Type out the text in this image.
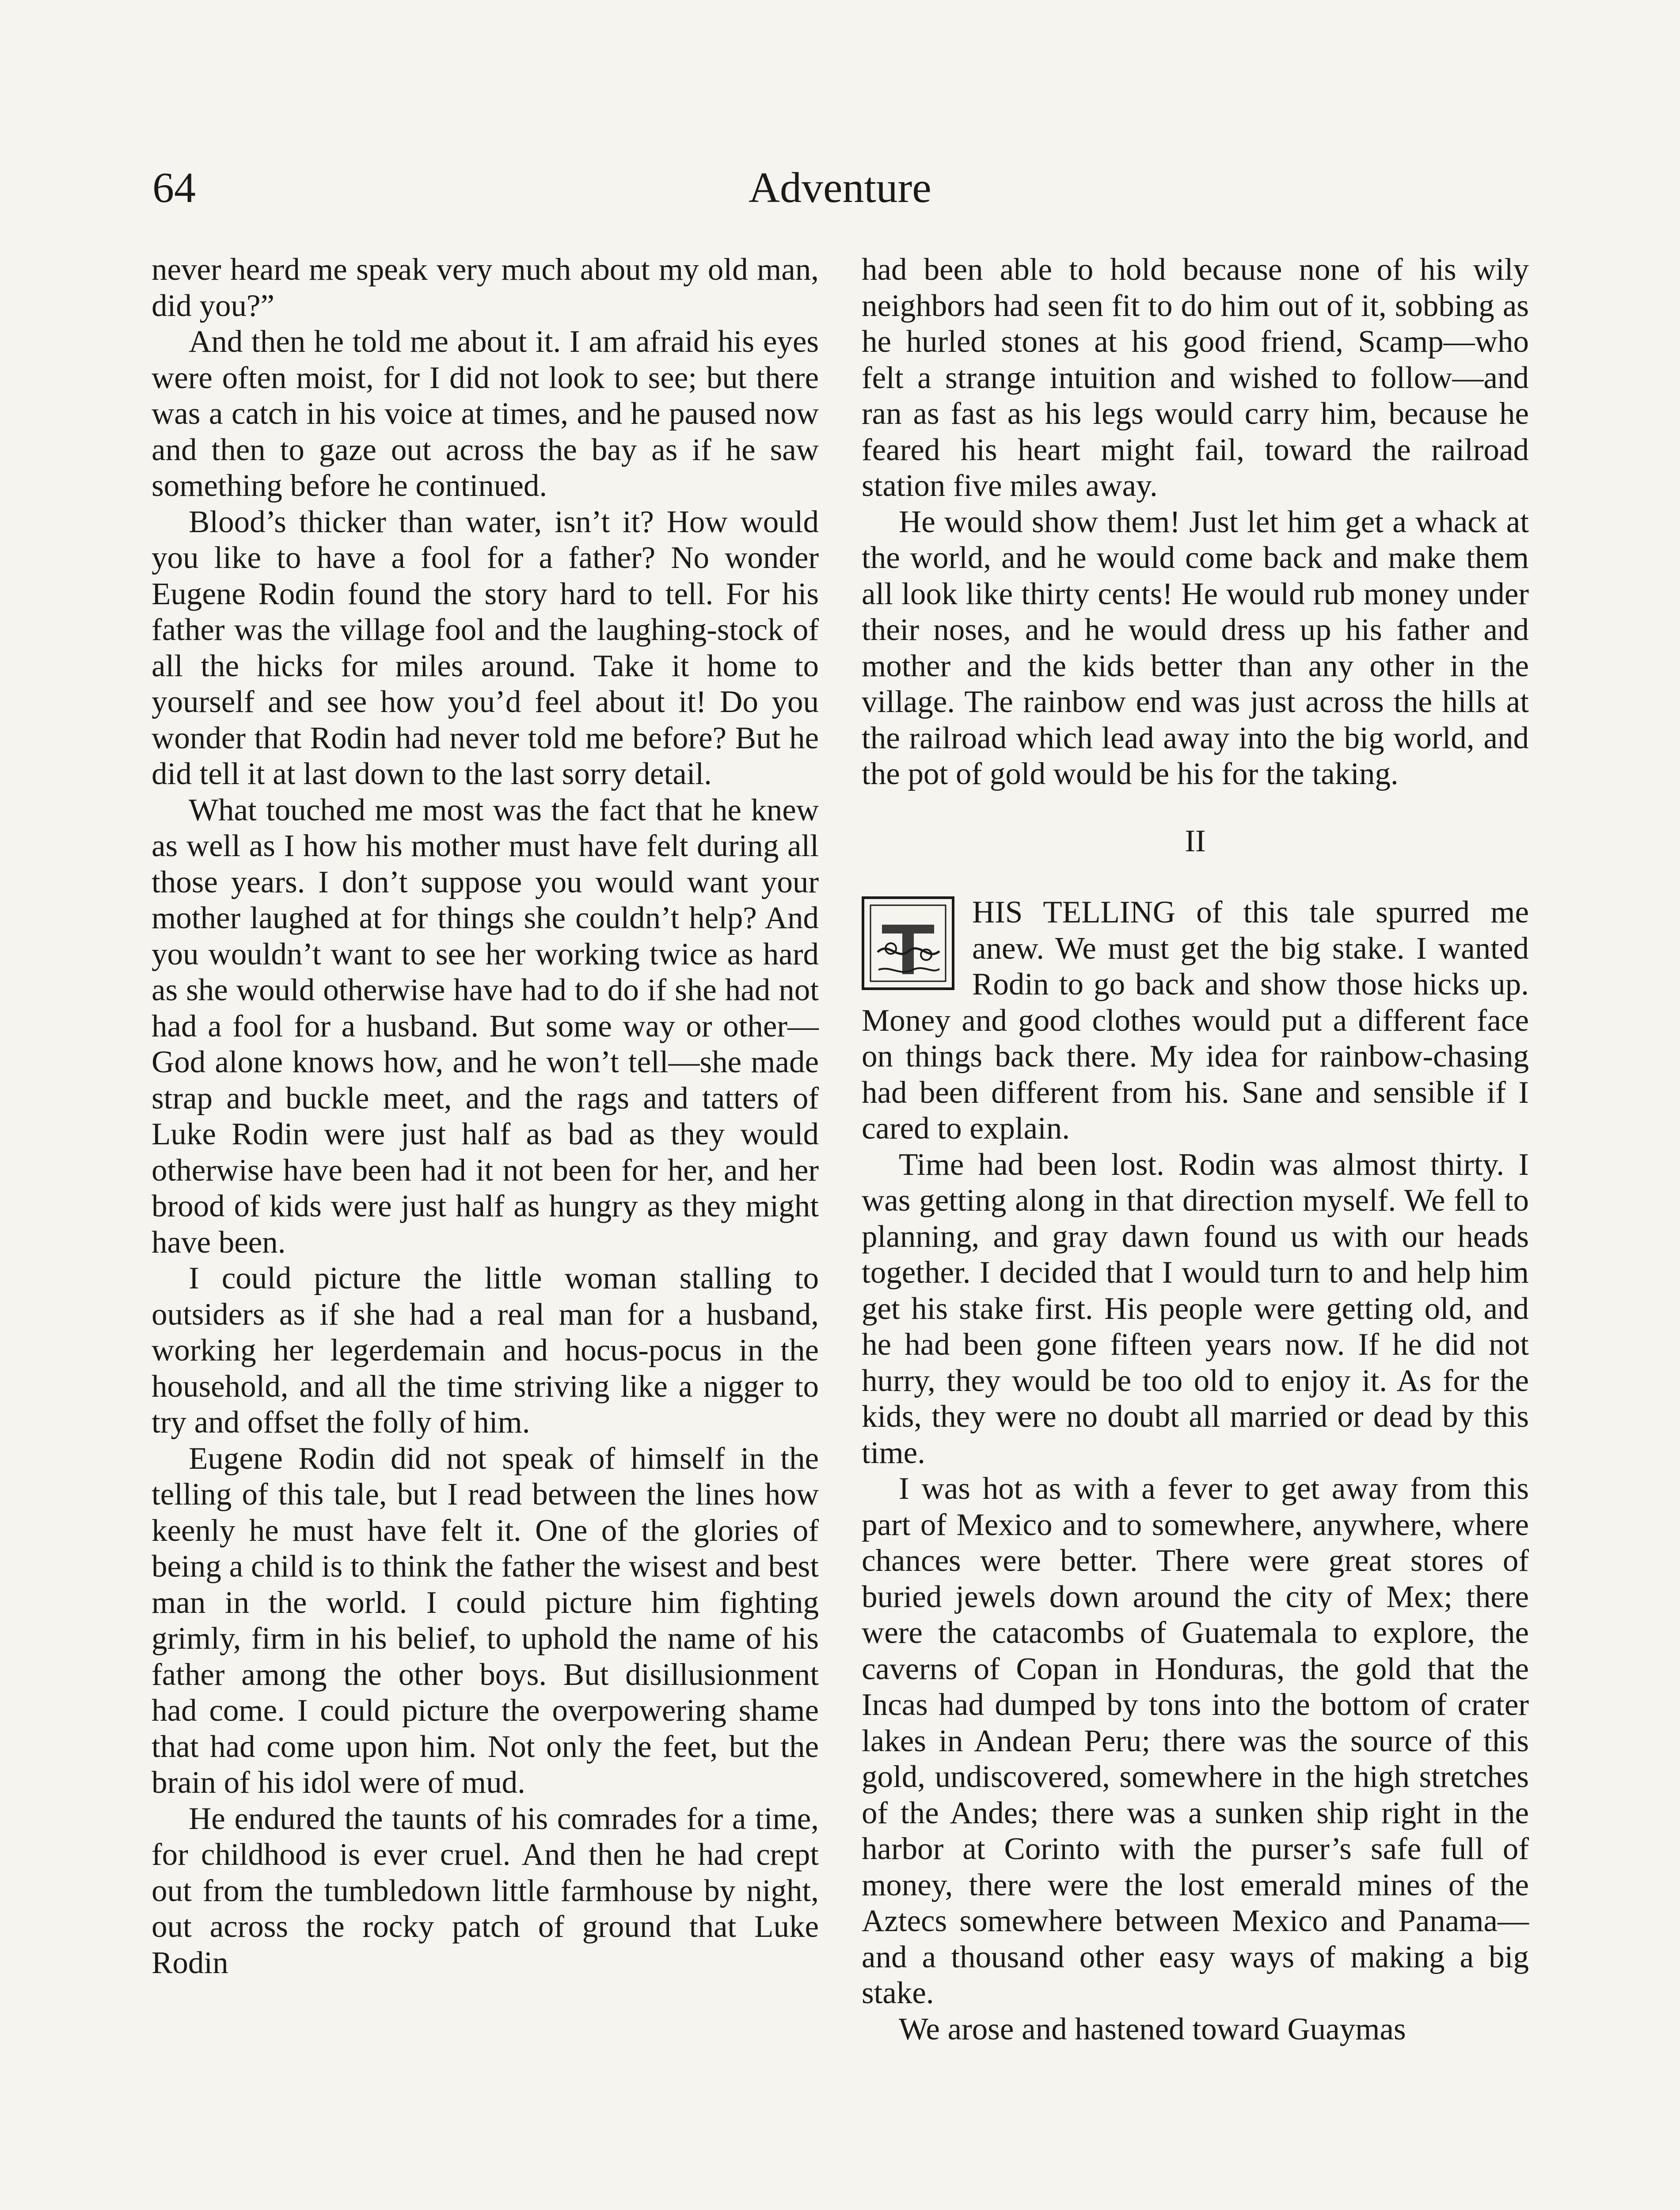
64	Adventure

never heard me speak very much about my old man, did you?”

And then he told me about it. I am afraid his eyes were often moist, for I did not look to see; but there was a catch in his voice at times, and he paused now and then to gaze out across the bay as if he saw something before he continued.

Blood’s thicker than water, isn’t it? How would you like to have a fool for a father? No wonder Eugene Rodin found the story hard to tell. For his father was the village fool and the laughing-stock of all the hicks for miles around. Take it home to yourself and see how you’d feel about it! Do you wonder that Rodin had never told me before? But he did tell it at last down to the last sorry detail.

What touched me most was the fact that he knew as well as I how his mother must have felt during all those years. I don’t suppose you would want your mother laughed at for things she couldn’t help? And you wouldn’t want to see her working twice as hard as she would otherwise have had to do if she had not had a fool for a husband. But some way or other—God alone knows how, and he won’t tell—she made strap and buckle meet, and the rags and tatters of Luke Rodin were just half as bad as they would otherwise have been had it not been for her, and her brood of kids were just half as hungry as they might have been.

I could picture the little woman stalling to outsiders as if she had a real man for a husband, working her legerdemain and hocus-pocus in the household, and all the time striving like a nigger to try and offset the folly of him.

Eugene Rodin did not speak of himself in the telling of this tale, but I read between the lines how keenly he must have felt it. One of the glories of being a child is to think the father the wisest and best man in the world. I could picture him fighting grimly, firm in his belief, to uphold the name of his father among the other boys. But disillusionment had come. I could picture the overpowering shame that had come upon him. Not only the feet, but the brain of his idol were of mud.

He endured the taunts of his comrades for a time, for childhood is ever cruel. And then he had crept out from the tumbledown little farmhouse by night, out across the rocky patch of ground that Luke Rodin

had been able to hold because none of his wily neighbors had seen fit to do him out of it, sobbing as he hurled stones at his good friend, Scamp—who felt a strange intuition and wished to follow—and ran as fast as his legs would carry him, because he feared his heart might fail, toward the railroad station five miles away.

He would show them! Just let him get a whack at the world, and he would come back and make them all look like thirty cents! He would rub money under their noses, and he would dress up his father and mother and the kids better than any other in the village. The rainbow end was just across the hills at the railroad which lead away into the big world, and the pot of gold would be his for the taking.

II

HIS TELLING of this tale spurred me anew. We must get the big stake. I wanted Rodin to go back and show those hicks up. Money and good clothes would put a different face on things back there. My idea for rainbow-chasing had been different from his. Sane and sensible if I cared to explain.

Time had been lost. Rodin was almost thirty. I was getting along in that direction myself. We fell to planning, and gray dawn found us with our heads together. I decided that I would turn to and help him get his stake first. His people were getting old, and he had been gone fifteen years now. If he did not hurry, they would be too old to enjoy it. As for the kids, they were no doubt all married or dead by this time.

I was hot as with a fever to get away from this part of Mexico and to somewhere, anywhere, where chances were better. There were great stores of buried jewels down around the city of Mex; there were the catacombs of Guatemala to explore, the caverns of Copan in Honduras, the gold that the Incas had dumped by tons into the bottom of crater lakes in Andean Peru; there was the source of this gold, undiscovered, somewhere in the high stretches of the Andes; there was a sunken ship right in the harbor at Corinto with the purser’s safe full of money, there were the lost emerald mines of the Aztecs somewhere between Mexico and Panama—and a thousand other easy ways of making a big stake.

We arose and hastened toward Guaymas
